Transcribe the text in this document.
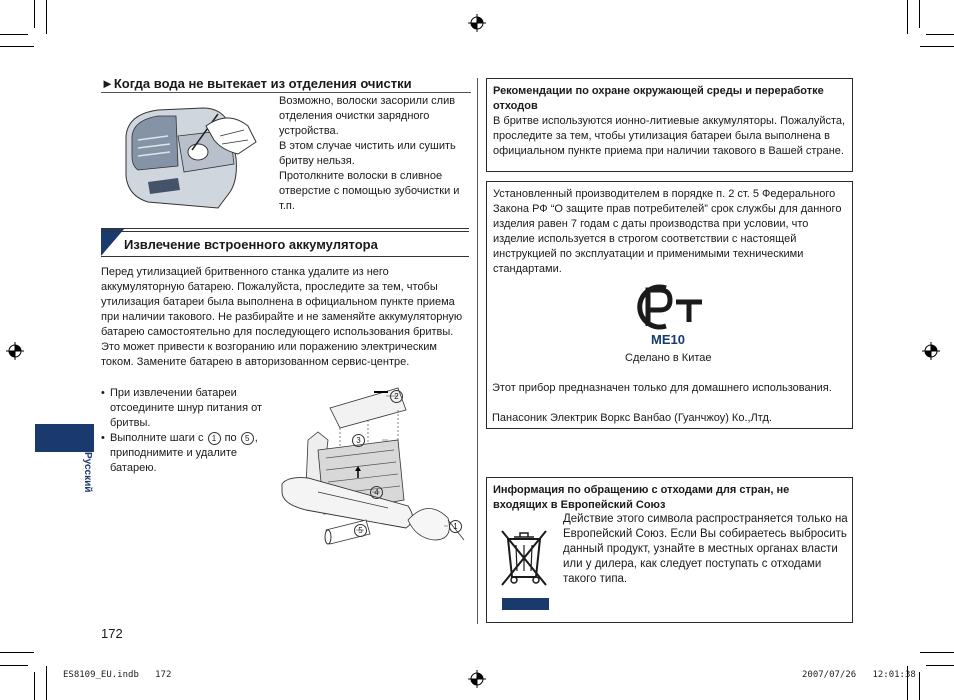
►Когда вода не вытекает из отделения очистки
Возможно, волоски засорили слив отделения очистки зарядного устройства.
В этом случае чистить или сушить бритву нельзя.
Протолкните волоски в сливное отверстие с помощью зубочистки и т.п.
Извлечение встроенного аккумулятора
Перед утилизацией бритвенного станка удалите из него аккумуляторную батарею. Пожалуйста, проследите за тем, чтобы утилизация батареи была выполнена в официальном пункте приема при наличии такового. Не разбирайте и не заменяйте аккумуляторную батарею самостоятельно для последующего использования бритвы. Это может привести к возгоранию или поражению электрическим током. Замените батарею в авторизованном сервис-центре.
• При извлечении батареи отсоедините шнур питания от бритвы.
• Выполните шаги с 1 по 5 , приподнимите и удалите батарею.
2
3
4
5	1
Русский
172

Рекомендации по охране окружающей среды и переработке отходов

В бритве используются ионно-литиевые аккумуляторы. Пожалуйста, проследите за тем, чтобы утилизация батареи была выполнена в официальном пункте приема при наличии такового в Вашей стране.

Установленный производителем в порядке п. 2 ст. 5 Федерального Закона РФ “О защите прав потребителей” срок службы для данного изделия равен 7 годам с даты производства при условии, что изделие используется в строгом соответствии с настоящей инструкцией по эксплуатации и применимыми техническими стандартами.

ME10
Сделано в Китае
Этот прибор предназначен только для домашнего использования.
Панасоник Электрик Воркс Ванбао (Гуанчжоу) Ко.,Лтд.

Информация по обращению с отходами для стран, не входящих в Европейский Союз

Действие этого символа распространяется только на Европейский Союз. Если Вы собираетесь выбросить данный продукт, узнайте в местных органах власти или у дилера, как следует поступать с отходами такого типа.
ES8109_EU.indb   172	2007/07/26   12:01:38
